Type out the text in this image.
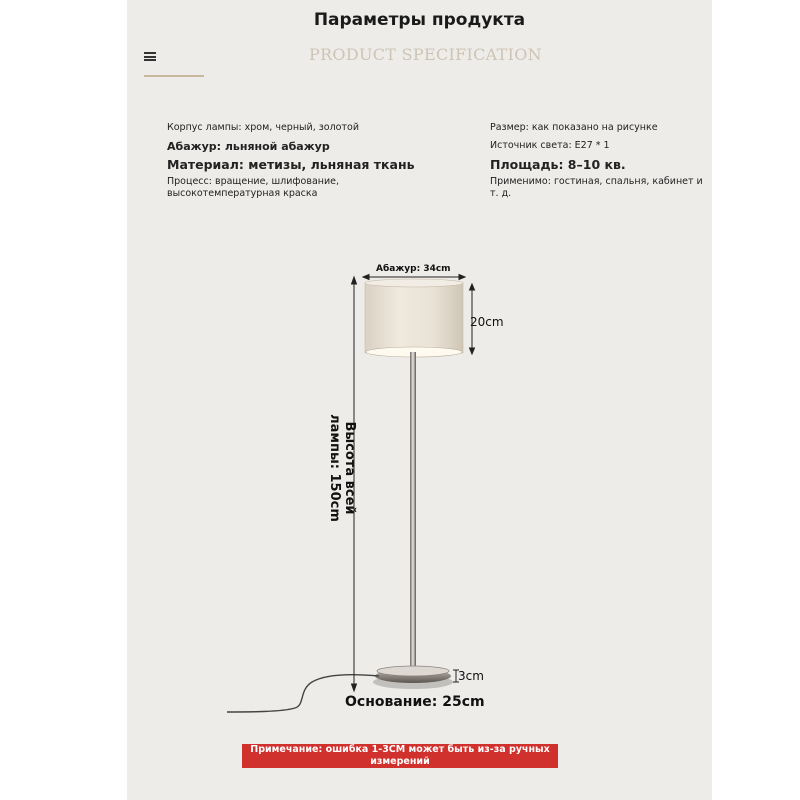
Параметры продукта
PRODUCT SPECIFICATION
Корпус лампы: хром, черный, золотой
Абажур: льняной абажур
Материал: метизы, льняная ткань
Процесс: вращение, шлифование,
высокотемпературная краска
Размер: как показано на рисунке
Источник света: E27 * 1
Площадь: 8–10 кв.
Применимо: гостиная, спальня, кабинет и
т. д.
Абажур: 34cm
20cm
3cm
Основание: 25cm
Высота всей
лампы: 150cm
Примечание: ошибка 1-3CM может быть из-за ручных измерений
